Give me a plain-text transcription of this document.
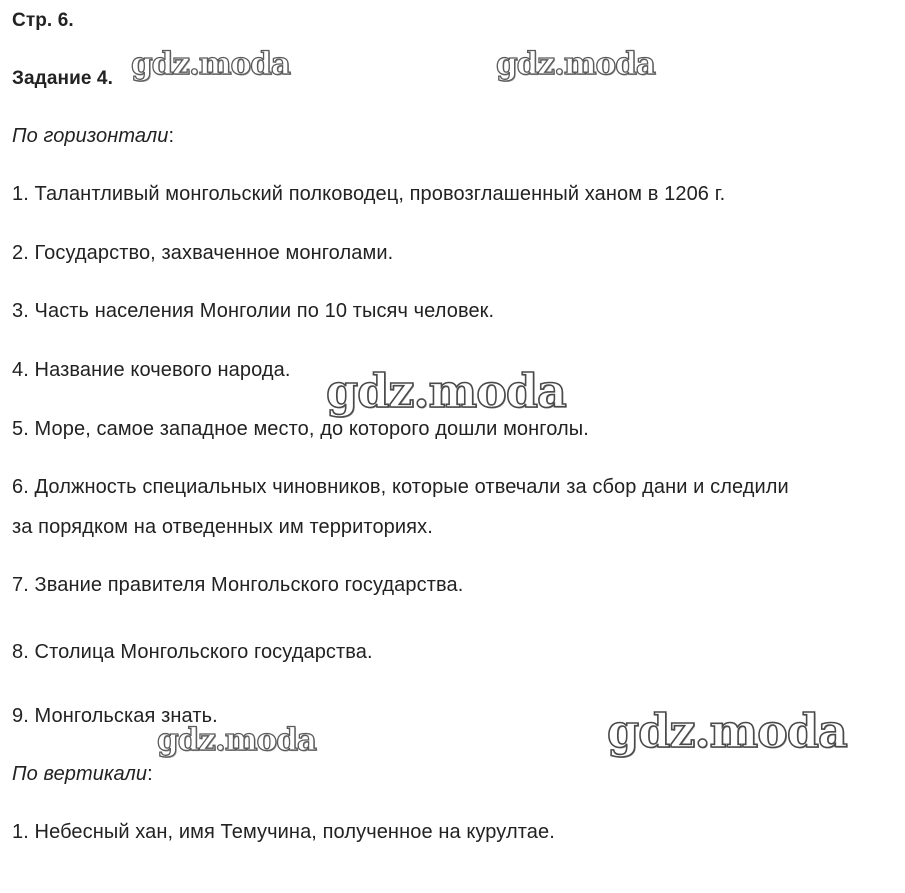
Стр. 6.
Задание 4.
По горизонтали:
1. Талантливый монгольский полководец, провозглашенный ханом в 1206 г.
2. Государство, захваченное монголами.
3. Часть населения Монголии по 10 тысяч человек.
4. Название кочевого народа.
5. Море, самое западное место, до которого дошли монголы.
6. Должность специальных чиновников, которые отвечали за сбор дани и следили
за порядком на отведенных им территориях.
7. Звание правителя Монгольского государства.
8. Столица Монгольского государства.
9. Монгольская знать.
По вертикали:
1. Небесный хан, имя Темучина, полученное на курултае.
gdz.moda	gdz.moda
gdz.moda
gdz.moda	gdz.moda
